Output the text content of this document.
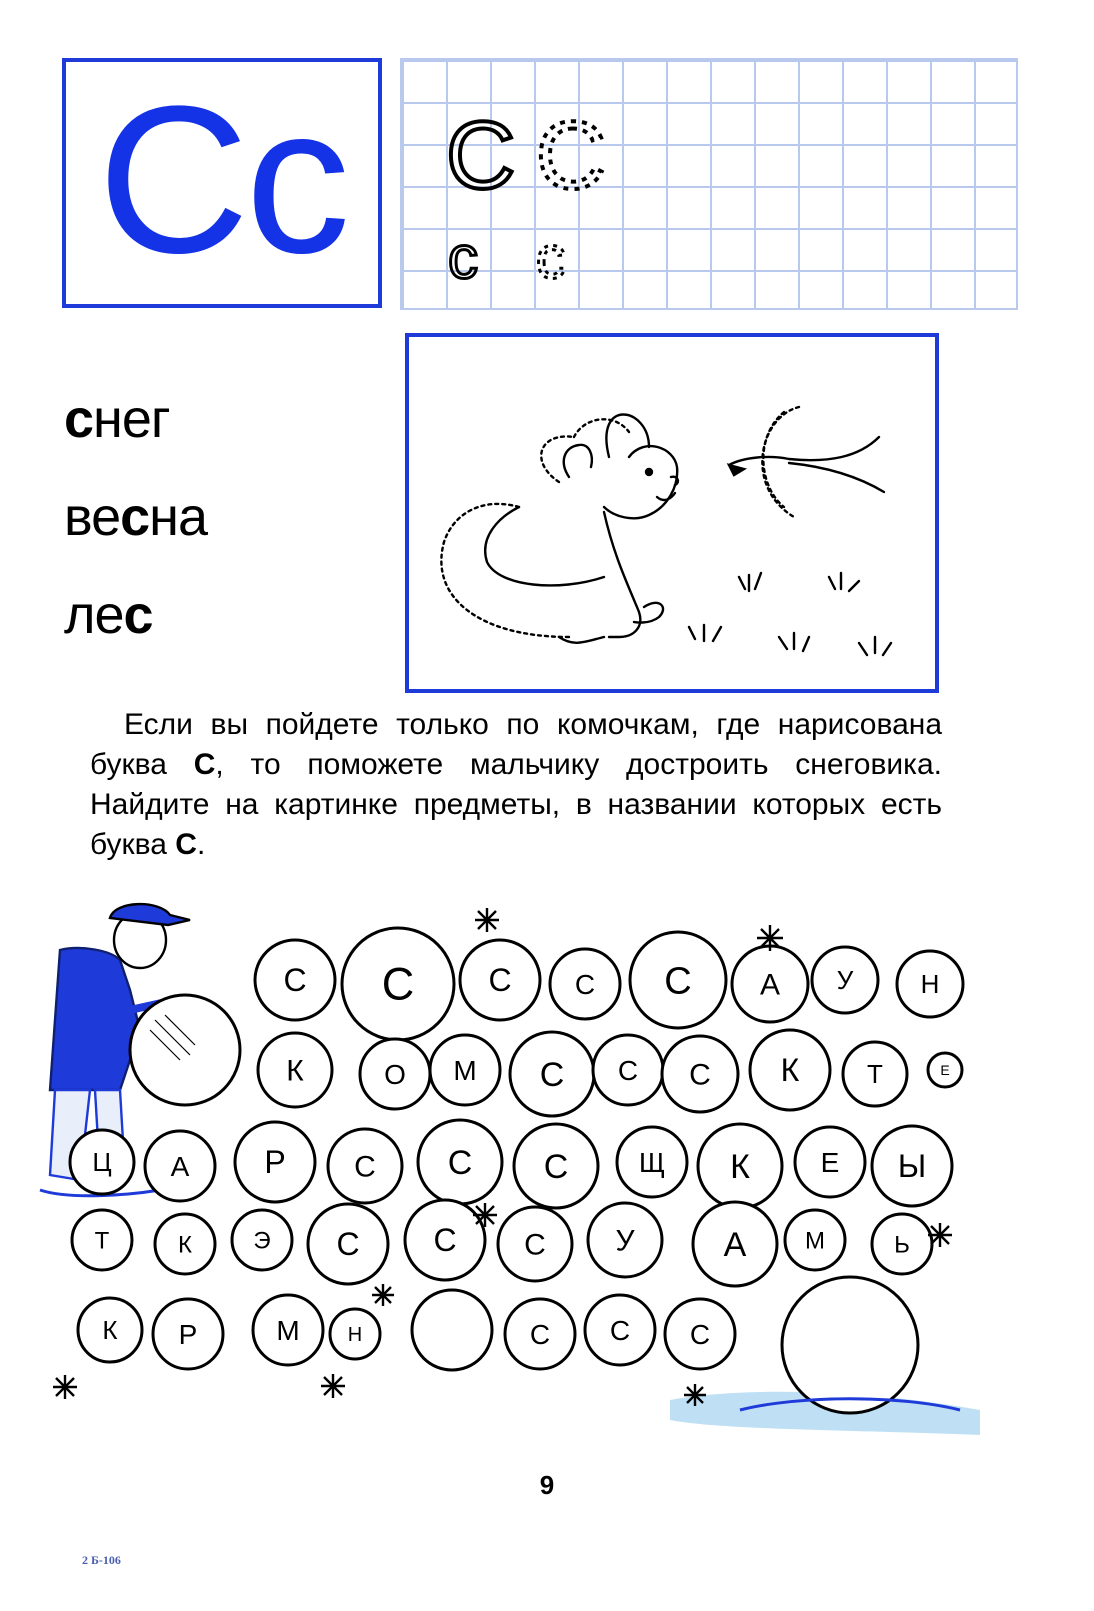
Cc C C
c c
снег
весна
лес

Если вы пойдете только по комочкам, где нарисована буква С, то поможете мальчику достроить снеговика. Найдите на картинке предметы, в названии которых есть буква С.

С С С С С А У	Н
К	О М С С С К	Т	Е
Ц А Р С С С	Щ К	Е Ы
Т	К	Э С С С У	А М	Ь
К Р	М Н	С С С
9
2 Б-106
